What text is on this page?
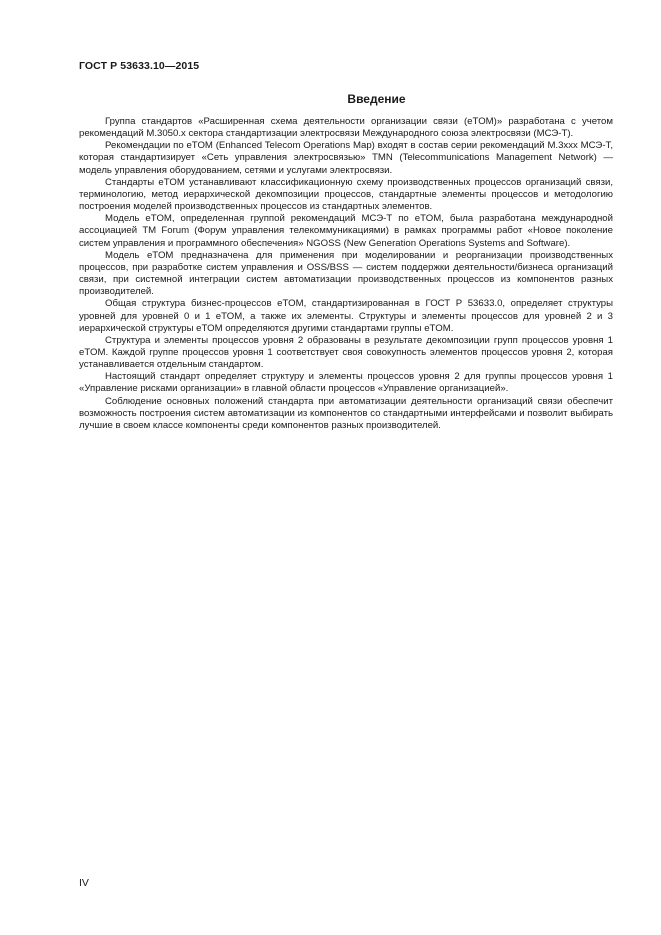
ГОСТ Р 53633.10—2015
Введение

Группа стандартов «Расширенная схема деятельности организации связи (eTOM)» разработана с учетом рекомендаций М.3050.х сектора стандартизации электросвязи Международного союза электросвязи (МСЭ-Т).

Рекомендации по eTOM (Enhanced Telecom Operations Map) входят в состав серии рекомендаций М.3ххх МСЭ-Т, которая стандартизирует «Сеть управления электросвязью» TMN (Telecommunications Management Network) — модель управления оборудованием, сетями и услугами электросвязи.

Стандарты eTOM устанавливают классификационную схему производственных процессов организаций связи, терминологию, метод иерархической декомпозиции процессов, стандартные элементы процессов и методологию построения моделей производственных процессов из стандартных элементов.

Модель eTOM, определенная группой рекомендаций МСЭ-Т по eTOM, была разработана международной ассоциацией TM Forum (Форум управления телекоммуникациями) в рамках программы работ «Новое поколение систем управления и программного обеспечения» NGOSS (New Generation Operations Systems and Software).

Модель eTOM предназначена для применения при моделировании и реорганизации производственных процессов, при разработке систем управления и OSS/BSS — систем поддержки деятельности/бизнеса организаций связи, при системной интеграции систем автоматизации производственных процессов из компонентов разных производителей.

Общая структура бизнес-процессов eTOM, стандартизированная в ГОСТ Р 53633.0, определяет структуры уровней для уровней 0 и 1 eTOM, а также их элементы. Структуры и элементы процессов для уровней 2 и 3 иерархической структуры eTOM определяются другими стандартами группы eTOM.

Структура и элементы процессов уровня 2 образованы в результате декомпозиции групп процессов уровня 1 eTOM. Каждой группе процессов уровня 1 соответствует своя совокупность элементов процессов уровня 2, которая устанавливается отдельным стандартом.

Настоящий стандарт определяет структуру и элементы процессов уровня 2 для группы процессов уровня 1 «Управление рисками организации» в главной области процессов «Управление организацией».

Соблюдение основных положений стандарта при автоматизации деятельности организаций связи обеспечит возможность построения систем автоматизации из компонентов со стандартными интерфейсами и позволит выбирать лучшие в своем классе компоненты среди компонентов разных производителей.

IV
